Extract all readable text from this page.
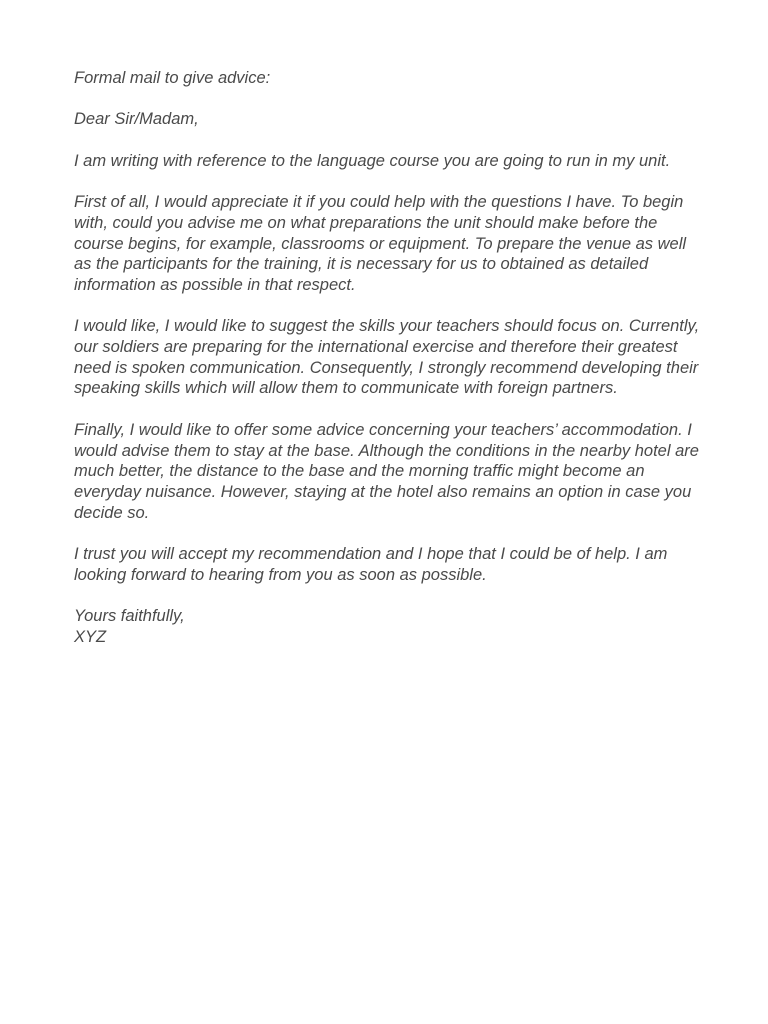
Formal mail to give advice:

Dear Sir/Madam,

I am writing with reference to the language course you are going to run in my unit.

First of all, I would appreciate it if you could help with the questions I have. To begin with, could you advise me on what preparations the unit should make before the course begins, for example, classrooms or equipment. To prepare the venue as well as the participants for the training, it is necessary for us to obtained as detailed information as possible in that respect.

I would like, I would like to suggest the skills your teachers should focus on. Currently, our soldiers are preparing for the international exercise and therefore their greatest need is spoken communication. Consequently, I strongly recommend developing their speaking skills which will allow them to communicate with foreign partners.

Finally, I would like to offer some advice concerning your teachers’ accommodation. I would advise them to stay at the base. Although the conditions in the nearby hotel are much better, the distance to the base and the morning traffic might become an everyday nuisance. However, staying at the hotel also remains an option in case you decide so.

I trust you will accept my recommendation and I hope that I could be of help. I am looking forward to hearing from you as soon as possible.

Yours faithfully,
XYZ
